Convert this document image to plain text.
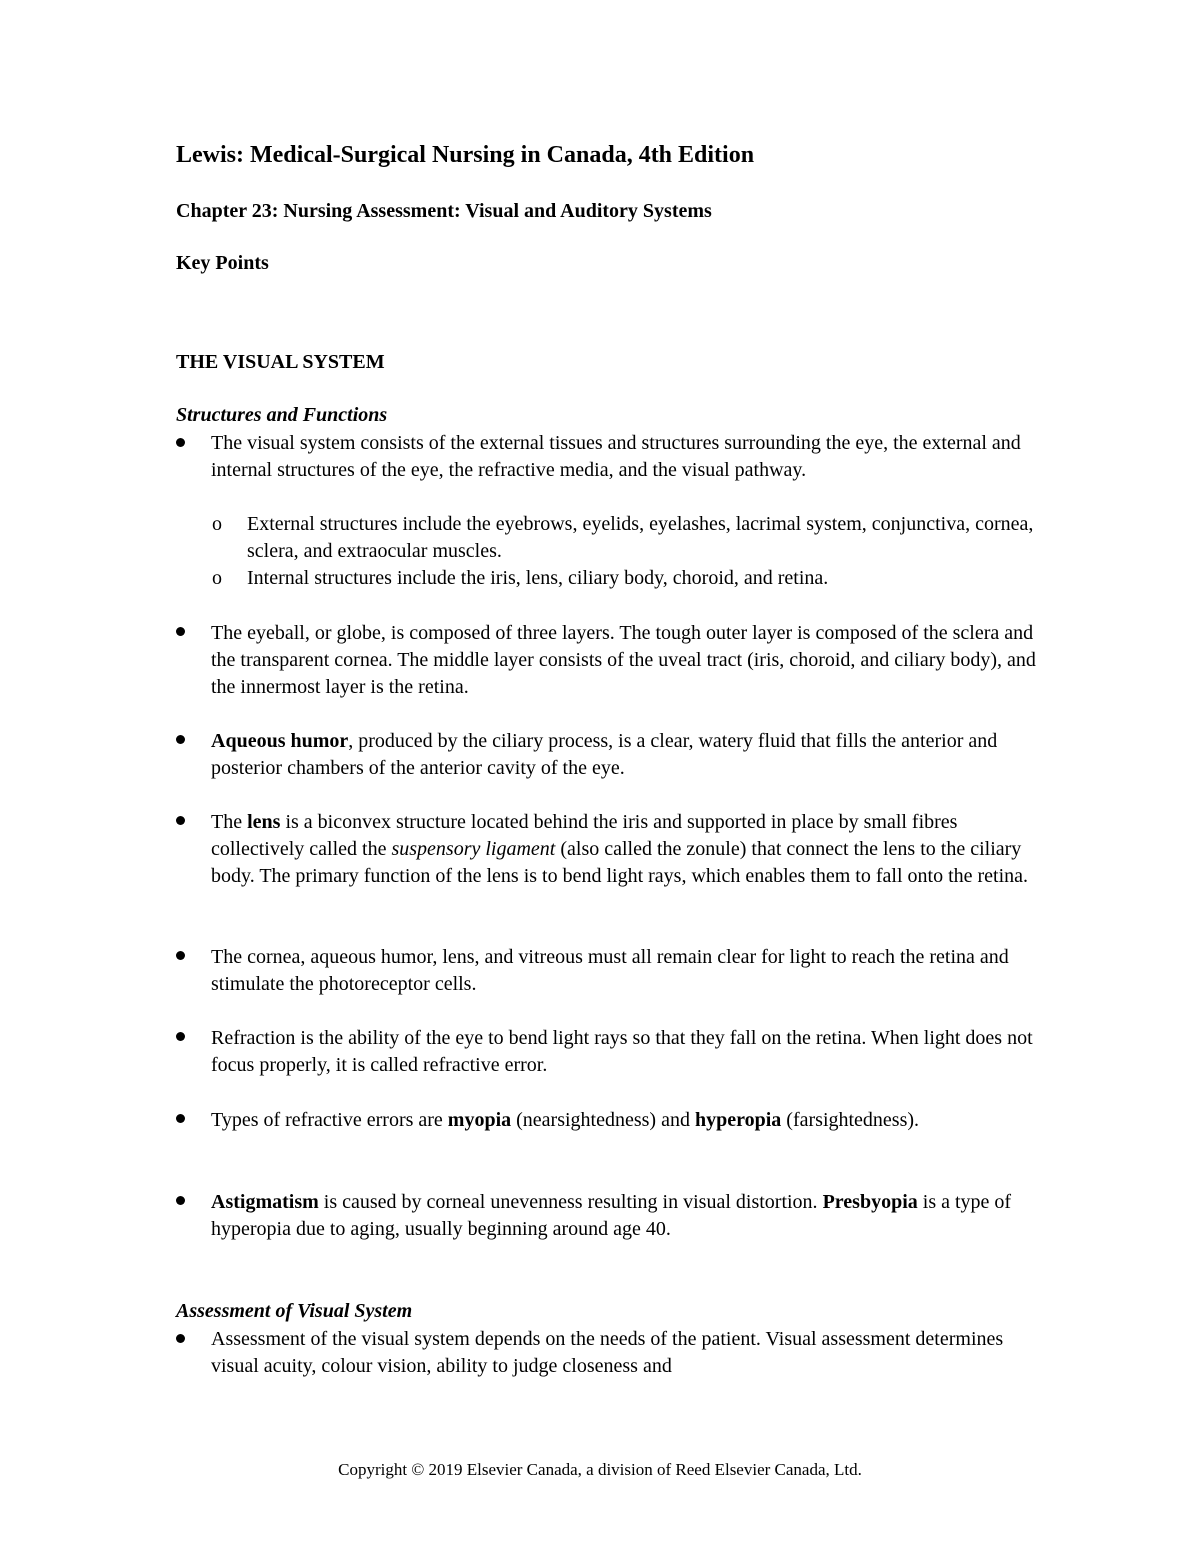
Lewis: Medical-Surgical Nursing in Canada, 4th Edition
Chapter 23: Nursing Assessment: Visual and Auditory Systems
Key Points
THE VISUAL SYSTEM
Structures and Functions

The visual system consists of the external tissues and structures surrounding the eye, the external and internal structures of the eye, the refractive media, and the visual pathway.

o External structures include the eyebrows, eyelids, eyelashes, lacrimal system, conjunctiva, cornea, sclera, and extraocular muscles.

o Internal structures include the iris, lens, ciliary body, choroid, and retina.

The eyeball, or globe, is composed of three layers. The tough outer layer is composed of the sclera and the transparent cornea. The middle layer consists of the uveal tract (iris, choroid, and ciliary body), and the innermost layer is the retina.

Aqueous humor, produced by the ciliary process, is a clear, watery fluid that fills the anterior and posterior chambers of the anterior cavity of the eye.

The lens is a biconvex structure located behind the iris and supported in place by small fibres collectively called the suspensory ligament (also called the zonule) that connect the lens to the ciliary body. The primary function of the lens is to bend light rays, which enables them to fall onto the retina.

The cornea, aqueous humor, lens, and vitreous must all remain clear for light to reach the retina and stimulate the photoreceptor cells.

Refraction is the ability of the eye to bend light rays so that they fall on the retina. When light does not focus properly, it is called refractive error.

Types of refractive errors are myopia (nearsightedness) and hyperopia (farsightedness).

Astigmatism is caused by corneal unevenness resulting in visual distortion. Presbyopia is a type of hyperopia due to aging, usually beginning around age 40.

Assessment of Visual System

Assessment of the visual system depends on the needs of the patient. Visual assessment determines visual acuity, colour vision, ability to judge closeness and

Copyright © 2019 Elsevier Canada, a division of Reed Elsevier Canada, Ltd.
